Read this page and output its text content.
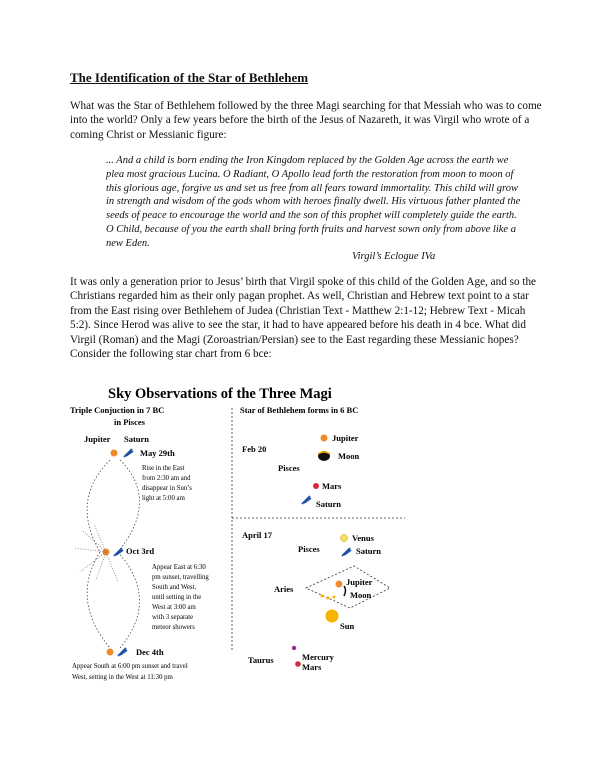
The Identification of the Star of Bethlehem

What was the Star of Bethlehem followed by the three Magi searching for that Messiah who was to come into the world? Only a few years before the birth of the Jesus of Nazareth, it was Virgil who wrote of a coming Christ or Messianic figure:

... And a child is born ending the Iron Kingdom replaced by the Golden Age across the earth we plea most gracious Lucina. O Radiant, O Apollo lead forth the restoration from moon to moon of this glorious age, forgive us and set us free from all fears toward immortality. This child will grow in strength and wisdom of the gods whom with heroes finally dwell. His virtuous father planted the seeds of peace to encourage the world and the son of this prophet will completely guide the earth. O Child, because of you the earth shall bring forth fruits and harvest sown only from above like a new Eden.

Virgil’s Eclogue IVa

It was only a generation prior to Jesus’ birth that Virgil spoke of this child of the Golden Age, and so the Christians regarded him as their only pagan prophet. As well, Christian and Hebrew text point to a star from the East rising over Bethlehem of Judea (Christian Text - Matthew 2:1-12; Hebrew Text - Micah 5:2). Since Herod was alive to see the star, it had to have appeared before his death in 4 bce. What did Virgil (Roman) and the Magi (Zoroastrian/Persian) see to the East regarding these Messianic hopes? Consider the following star chart from 6 bce:

Sky Observations of the Three Magi
Triple Conjuction in 7 BC
in Pisces
Jupiter Saturn
May 29th
Rise in the East
from 2:30 am and
disappear in Sun’s
light at 5:00 am
Oct 3rd
Appear East at 6:30
pm sunset, travelling
South and West,
until setting in the
West at 3:00 am
with 3 separate
meteor showers
Dec 4th
Appear South at 6:00 pm sunset and travel
West, setting in the West at 11:30 pm
Star of Bethlehem forms in 6 BC
Feb 20
Pisces
Jupiter
Moon
Mars
Saturn
April 17
Pisces
Venus
Saturn
Aries
Jupiter
Moon
Sun
Taurus	Mercury
Mars
